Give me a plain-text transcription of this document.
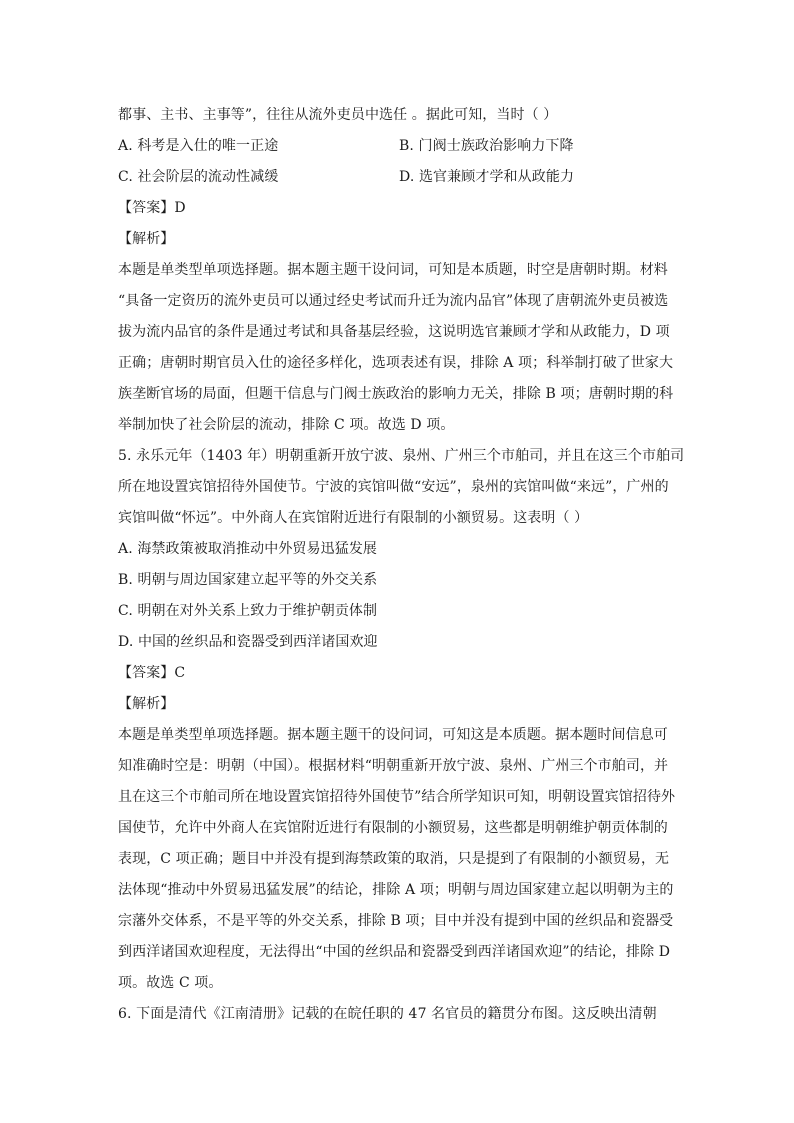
都事、主书、主事等”，往往从流外吏员中选任 。据此可知，当时（ ）
A. 科考是入仕的唯一正途	B. 门阀士族政治影响力下降
C. 社会阶层的流动性减缓	D. 选官兼顾才学和从政能力
【答案】D
【解析】
本题是单类型单项选择题。据本题主题干设问词，可知是本质题，时空是唐朝时期。材料
“具备一定资历的流外吏员可以通过经史考试而升迁为流内品官”体现了唐朝流外吏员被选
拔为流内品官的条件是通过考试和具备基层经验，这说明选官兼顾才学和从政能力，D 项
正确；唐朝时期官员入仕的途径多样化，选项表述有误，排除 A 项；科举制打破了世家大
族垄断官场的局面，但题干信息与门阀士族政治的影响力无关，排除 B 项；唐朝时期的科
举制加快了社会阶层的流动，排除 C 项。故选 D 项。
5. 永乐元年（1403 年）明朝重新开放宁波、泉州、广州三个市舶司，并且在这三个市舶司
所在地设置宾馆招待外国使节。宁波的宾馆叫做“安远”，泉州的宾馆叫做“来远”，广州的
宾馆叫做“怀远”。中外商人在宾馆附近进行有限制的小额贸易。这表明（ ）
A.
海禁政策被取消推动中外贸易迅猛发展
B.
明朝与周边国家建立起平等的外交关系
C.
明朝在对外关系上致力于维护朝贡体制
D.
中国的丝织品和瓷器受到西洋诸国欢迎
【答案】C
【解析】
本题是单类型单项选择题。据本题主题干的设问词，可知这是本质题。据本题时间信息可
知准确时空是：明朝（中国）。根据材料“明朝重新开放宁波、泉州、广州三个市舶司，并
且在这三个市舶司所在地设置宾馆招待外国使节”结合所学知识可知，明朝设置宾馆招待外
国使节，允许中外商人在宾馆附近进行有限制的小额贸易，这些都是明朝维护朝贡体制的
表现，C 项正确；题目中并没有提到海禁政策的取消，只是提到了有限制的小额贸易，无
法体现“推动中外贸易迅猛发展”的结论，排除 A 项；明朝与周边国家建立起以明朝为主的
宗藩外交体系，不是平等的外交关系，排除 B 项；目中并没有提到中国的丝织品和瓷器受
到西洋诸国欢迎程度，无法得出“中国的丝织品和瓷器受到西洋诸国欢迎”的结论，排除 D
项。故选 C 项。
6. 下面是清代《江南清册》记载的在皖任职的 47 名官员的籍贯分布图。这反映出清朝
